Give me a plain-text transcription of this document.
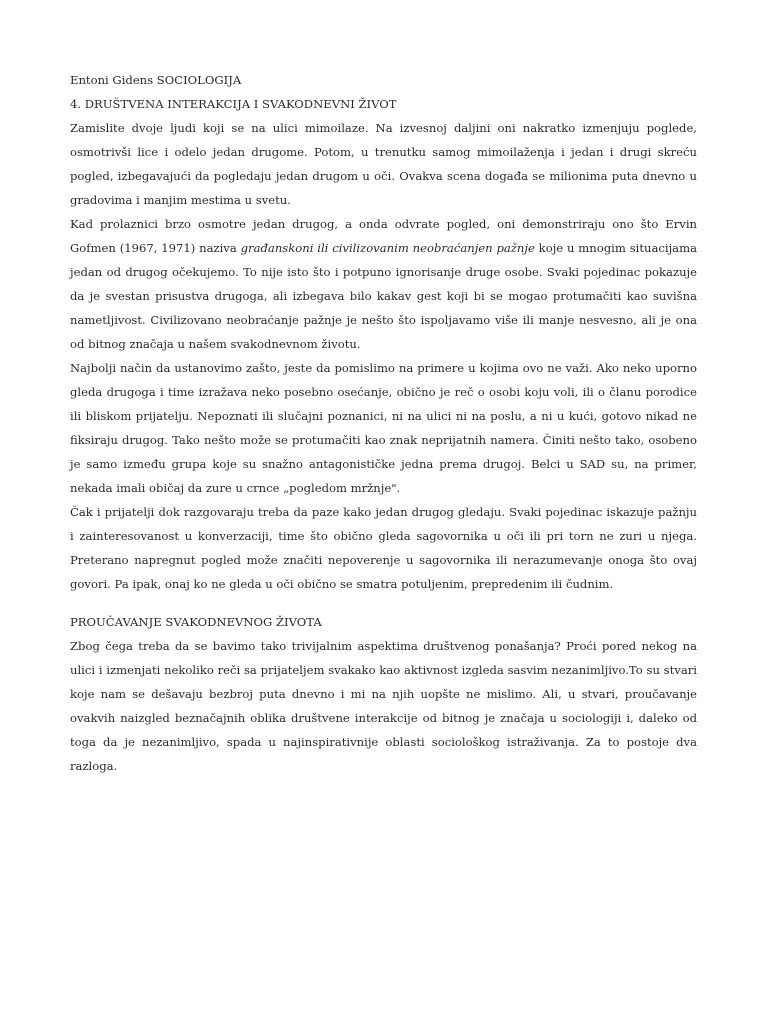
Entoni Gidens SOCIOLOGIJA

4. DRUŠTVENA INTERAKCIJA I SVAKODNEVNI ŽIVOT

Zamislite dvoje ljudi koji se na ulici mimoilaze. Na izvesnoj daljini oni nakratko izmenjuju poglede, osmotrivši lice i odelo jedan drugome. Potom, u trenutku samog mimoilaženja i jedan i drugi skreću pogled, izbegavajući da pogledaju jedan drugom u oči. Ovakva scena događa se milionima puta dnevno u gradovima i manjim mestima u svetu.

Kad prolaznici brzo osmotre jedan drugog, a onda odvrate pogled, oni demonstriraju ono što Ervin Gofmen (1967, 1971) naziva građanskoni ili civilizovanim neobraćanjen pažnje koje u mnogim situacijama jedan od drugog očekujemo. To nije isto što i potpuno ignorisanje druge osobe. Svaki pojedinac pokazuje da je svestan prisustva drugoga, ali izbegava bilo kakav gest koji bi se mogao protumačiti kao suvišna nametljivost. Civilizovano neobraćanje pažnje je nešto što ispoljavamo više ili manje nesvesno, ali je ona od bitnog značaja u našem svakodnevnom životu.

Najbolji način da ustanovimo zašto, jeste da pomislimo na primere u kojima ovo ne važi. Ako neko uporno gleda drugoga i time izražava neko posebno osećanje, obično je reč o osobi koju voli, ili o članu porodice ili bliskom prijatelju. Nepoznati ili slučajni poznanici, ni na ulici ni na poslu, a ni u kući, gotovo nikad ne fiksiraju drugog. Tako nešto može se protumačiti kao znak neprijatnih namera. Činiti nešto tako, osobeno je samo između grupa koje su snažno antagonističke jedna prema drugoj. Belci u SAD su, na primer, nekada imali običaj da zure u crnce „pogledom mržnje".

Čak i prijatelji dok razgovaraju treba da paze kako jedan drugog gledaju. Svaki pojedinac iskazuje pažnju i zainteresovanost u konverzaciji, time što obično gleda sagovornika u oči ili pri torn ne zuri u njega. Preterano napregnut pogled može značiti nepoverenje u sagovornika ili nerazumevanje onoga što ovaj govori. Pa ipak, onaj ko ne gleda u oči obično se smatra potuljenim, prepredenim ili čudnim.

PROUČAVANJE SVAKODNEVNOG ŽIVOTA

Zbog čega treba da se bavimo tako trivijalnim aspektima društvenog ponašanja? Proći pored nekog na ulici i izmenjati nekoliko reči sa prijateljem svakako kao aktivnost izgleda sasvim nezanimljivo.To su stvari koje nam se dešavaju bezbroj puta dnevno i mi na njih uopšte ne mislimo. Ali, u stvari, proučavanje ovakvih naizgled beznačajnih oblika društvene interakcije od bitnog je značaja u sociologiji i, daleko od toga da je nezanimljivo, spada u najinspirativnije oblasti sociološkog istraživanja. Za to postoje dva razloga.
